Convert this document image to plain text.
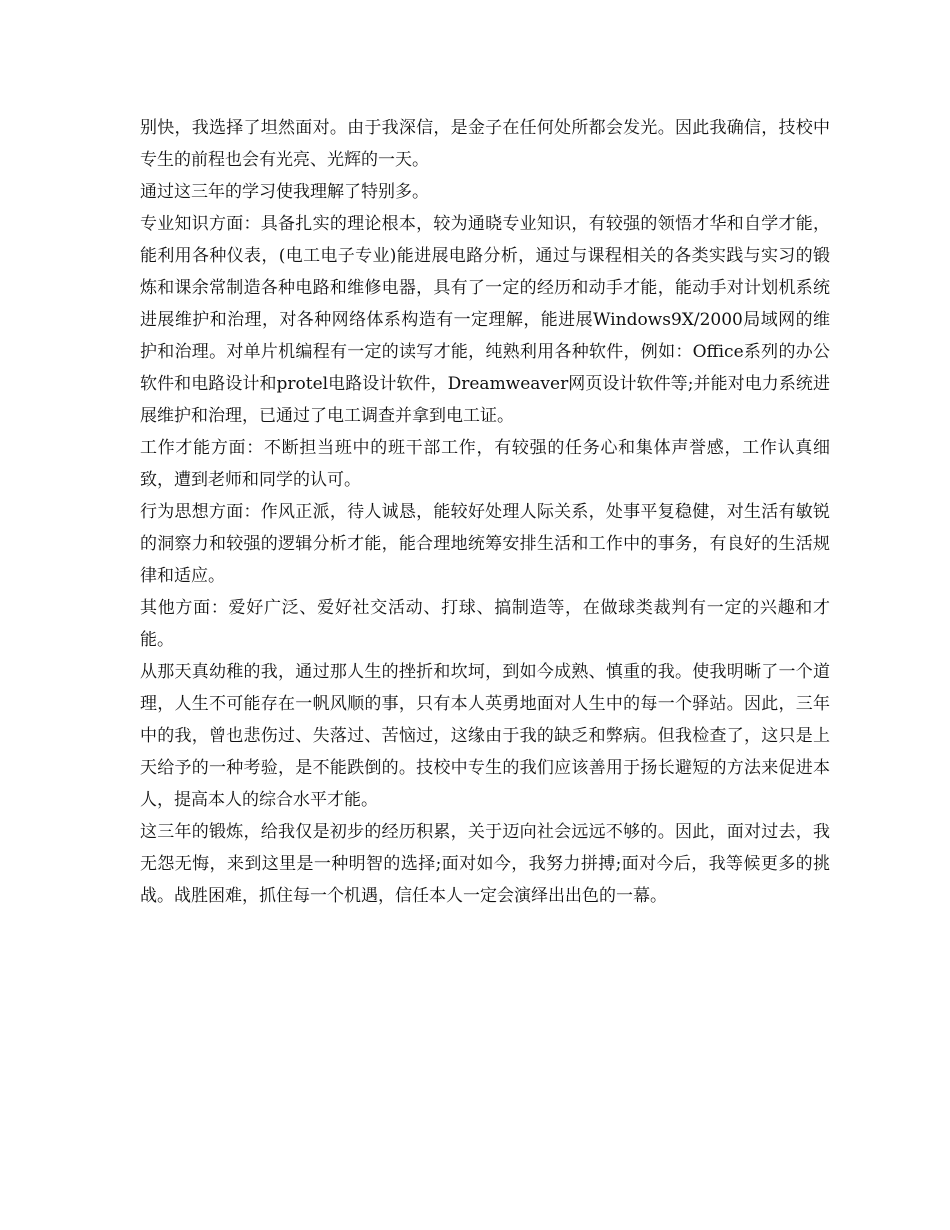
别快，我选择了坦然面对。由于我深信，是金子在任何处所都会发光。因此我确信，技校中专生的前程也会有光亮、光辉的一天。

通过这三年的学习使我理解了特别多。

专业知识方面：具备扎实的理论根本，较为通晓专业知识，有较强的领悟才华和自学才能，能利用各种仪表，(电工电子专业)能进展电路分析，通过与课程相关的各类实践与实习的锻炼和课余常制造各种电路和维修电器，具有了一定的经历和动手才能，能动手对计划机系统进展维护和治理，对各种网络体系构造有一定理解，能进展Windows9X/2000局域网的维护和治理。对单片机编程有一定的读写才能，纯熟利用各种软件，例如：Office系列的办公软件和电路设计和protel电路设计软件，Dreamweaver网页设计软件等;并能对电力系统进展维护和治理，已通过了电工调查并拿到电工证。

工作才能方面：不断担当班中的班干部工作，有较强的任务心和集体声誉感，工作认真细致，遭到老师和同学的认可。

行为思想方面：作风正派，待人诚恳，能较好处理人际关系，处事平复稳健，对生活有敏锐的洞察力和较强的逻辑分析才能，能合理地统筹安排生活和工作中的事务，有良好的生活规律和适应。

其他方面：爱好广泛、爱好社交活动、打球、搞制造等，在做球类裁判有一定的兴趣和才能。

从那天真幼稚的我，通过那人生的挫折和坎坷，到如今成熟、慎重的我。使我明晰了一个道理，人生不可能存在一帆风顺的事，只有本人英勇地面对人生中的每一个驿站。因此，三年中的我，曾也悲伤过、失落过、苦恼过，这缘由于我的缺乏和弊病。但我检查了，这只是上天给予的一种考验，是不能跌倒的。技校中专生的我们应该善用于扬长避短的方法来促进本人，提高本人的综合水平才能。

这三年的锻炼，给我仅是初步的经历积累，关于迈向社会远远不够的。因此，面对过去，我无怨无悔，来到这里是一种明智的选择;面对如今，我努力拼搏;面对今后，我等候更多的挑战。战胜困难，抓住每一个机遇，信任本人一定会演绎出出色的一幕。
